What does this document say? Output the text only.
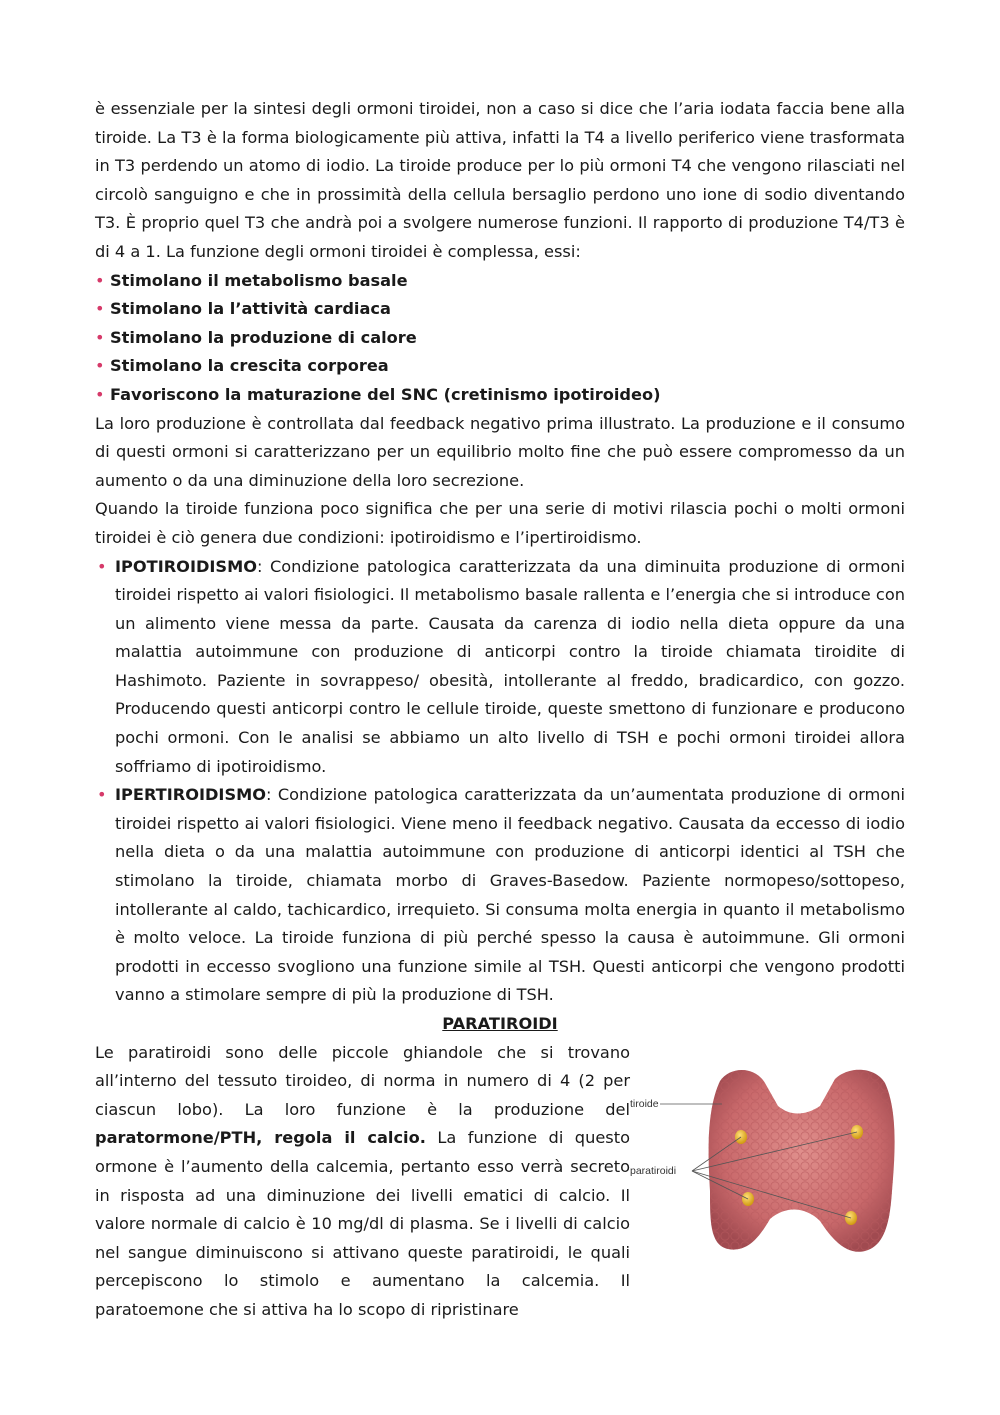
è essenziale per la sintesi degli ormoni tiroidei, non a caso si dice che l’aria iodata faccia bene alla tiroide. La T3 è la forma biologicamente più attiva, infatti la T4 a livello periferico viene trasformata in T3 perdendo un atomo di iodio. La tiroide produce per lo più ormoni T4 che vengono rilasciati nel circolò sanguigno e che in prossimità della cellula bersaglio perdono uno ione di sodio diventando T3. È proprio quel T3 che andrà poi a svolgere numerose funzioni. Il rapporto di produzione T4/T3 è di 4 a 1. La funzione degli ormoni tiroidei è complessa, essi:

• Stimolano il metabolismo basale
• Stimolano la l’attività cardiaca
• Stimolano la produzione di calore
• Stimolano la crescita corporea
• Favoriscono la maturazione del SNC (cretinismo ipotiroideo)

La loro produzione è controllata dal feedback negativo prima illustrato. La produzione e il consumo di questi ormoni si caratterizzano per un equilibrio molto fine che può essere compromesso da un aumento o da una diminuzione della loro secrezione.

Quando la tiroide funziona poco significa che per una serie di motivi rilascia pochi o molti ormoni tiroidei è ciò genera due condizioni: ipotiroidismo e l’ipertiroidismo.

• IPOTIROIDISMO: Condizione patologica caratterizzata da una diminuita produzione di ormoni tiroidei rispetto ai valori fisiologici. Il metabolismo basale rallenta e l’energia che si introduce con un alimento viene messa da parte. Causata da carenza di iodio nella dieta oppure da una malattia autoimmune con produzione di anticorpi contro la tiroide chiamata tiroidite di Hashimoto. Paziente in sovrappeso/ obesità, intollerante al freddo, bradicardico, con gozzo. Producendo questi anticorpi contro le cellule tiroide, queste smettono di funzionare e producono pochi ormoni. Con le analisi se abbiamo un alto livello di TSH e pochi ormoni tiroidei allora soffriamo di ipotiroidismo.
• IPERTIROIDISMO: Condizione patologica caratterizzata da un’aumentata produzione di ormoni tiroidei rispetto ai valori fisiologici. Viene meno il feedback negativo. Causata da eccesso di iodio nella dieta o da una malattia autoimmune con produzione di anticorpi identici al TSH che stimolano la tiroide, chiamata morbo di Graves-Basedow. Paziente normopeso/sottopeso, intollerante al caldo, tachicardico, irrequieto. Si consuma molta energia in quanto il metabolismo è molto veloce. La tiroide funziona di più perché spesso la causa è autoimmune. Gli ormoni prodotti in eccesso svogliono una funzione simile al TSH. Questi anticorpi che vengono prodotti vanno a stimolare sempre di più la produzione di TSH.

PARATIROIDI

Le paratiroidi sono delle piccole ghiandole che si trovano all’interno del tessuto tiroideo, di norma in numero di 4 (2 per ciascun lobo). La loro funzione è la produzione del paratormone/PTH, regola il calcio. La funzione di questo ormone è l’aumento della calcemia, pertanto esso verrà secreto in risposta ad una diminuzione dei livelli ematici di calcio. Il valore normale di calcio è 10 mg/dl di plasma. Se i livelli di calcio nel sangue diminuiscono si attivano queste paratiroidi, le quali percepiscono lo stimolo e aumentano la calcemia. Il paratoemone che si attiva ha lo scopo di ripristinare

tiroide
paratiroidi
